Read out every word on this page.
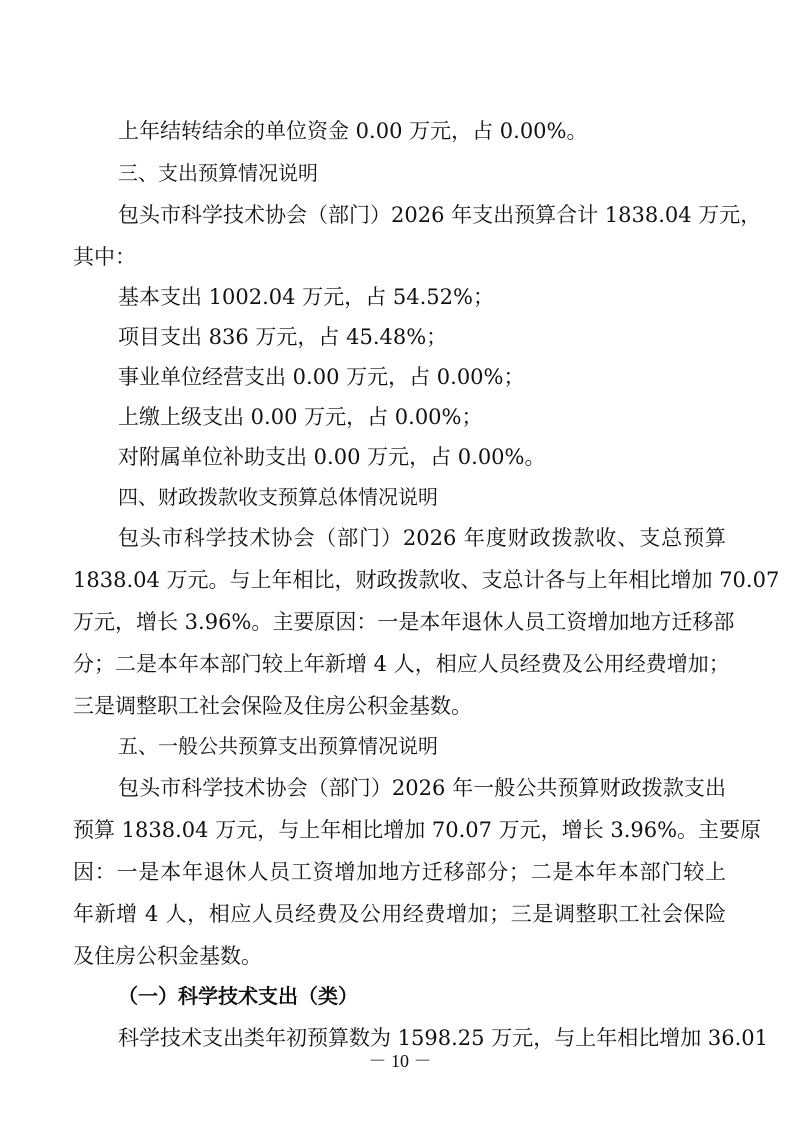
上年结转结余的单位资金 0.00 万元，占 0.00%。
三、支出预算情况说明
包头市科学技术协会（部门）2026 年支出预算合计 1838.04 万元，
其中：
基本支出 1002.04 万元，占 54.52%；
项目支出 836 万元，占 45.48%；
事业单位经营支出 0.00 万元，占 0.00%；
上缴上级支出 0.00 万元，占 0.00%；
对附属单位补助支出 0.00 万元，占 0.00%。
四、财政拨款收支预算总体情况说明
包头市科学技术协会（部门）2026 年度财政拨款收、支总预算
1838.04 万元。与上年相比，财政拨款收、支总计各与上年相比增加 70.07
万元，增长 3.96%。主要原因：一是本年退休人员工资增加地方迁移部
分；二是本年本部门较上年新增 4 人，相应人员经费及公用经费增加；
三是调整职工社会保险及住房公积金基数。
五、一般公共预算支出预算情况说明
包头市科学技术协会（部门）2026 年一般公共预算财政拨款支出
预算 1838.04 万元，与上年相比增加 70.07 万元，增长 3.96%。主要原
因：一是本年退休人员工资增加地方迁移部分；二是本年本部门较上
年新增 4 人，相应人员经费及公用经费增加；三是调整职工社会保险
及住房公积金基数。
（一）科学技术支出（类）
科学技术支出类年初预算数为 1598.25 万元，与上年相比增加 36.01
－ 10 －
